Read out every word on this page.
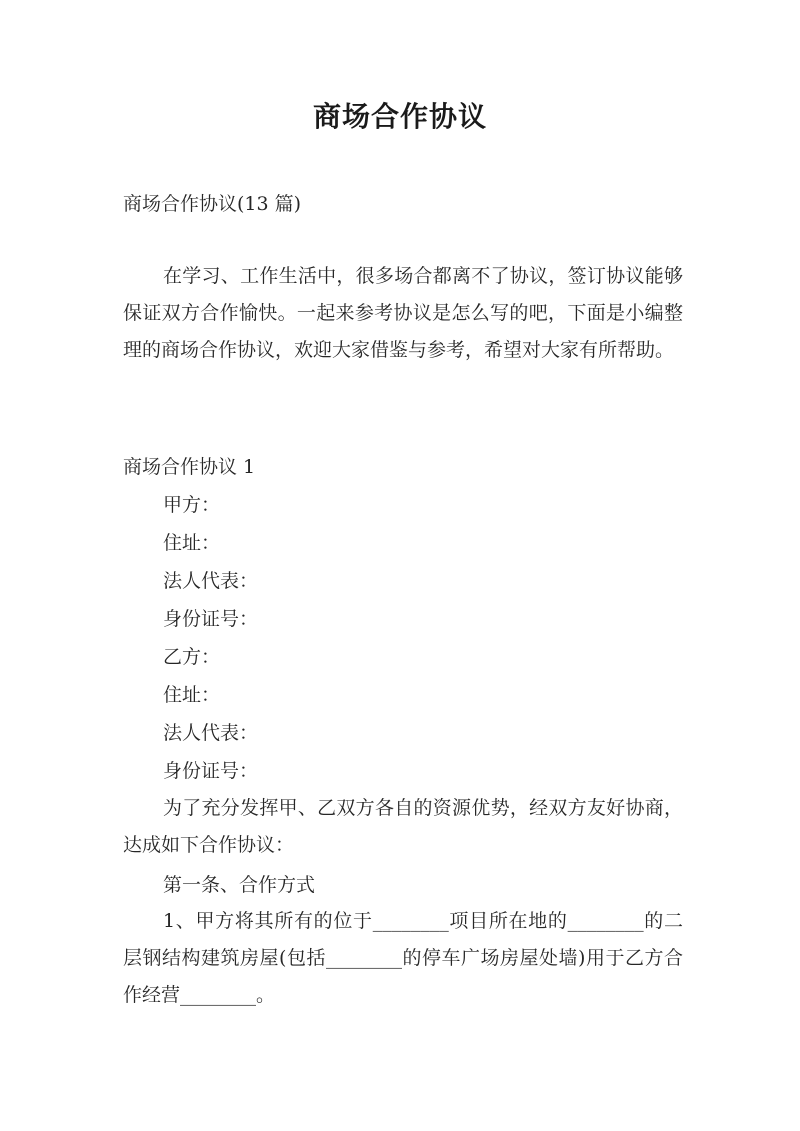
商场合作协议
商场合作协议(13 篇)
在学习、工作生活中，很多场合都离不了协议，签订协议能够保证双方合作愉快。一起来参考协议是怎么写的吧，下面是小编整理的商场合作协议，欢迎大家借鉴与参考，希望对大家有所帮助。
商场合作协议 1
甲方：
住址：
法人代表：
身份证号：
乙方：
住址：
法人代表：
身份证号：
为了充分发挥甲、乙双方各自的资源优势，经双方友好协商，达成如下合作协议：
第一条、合作方式
1、甲方将其所有的位于________项目所在地的________的二层钢结构建筑房屋(包括________的停车广场房屋处墙)用于乙方合作经营________。
